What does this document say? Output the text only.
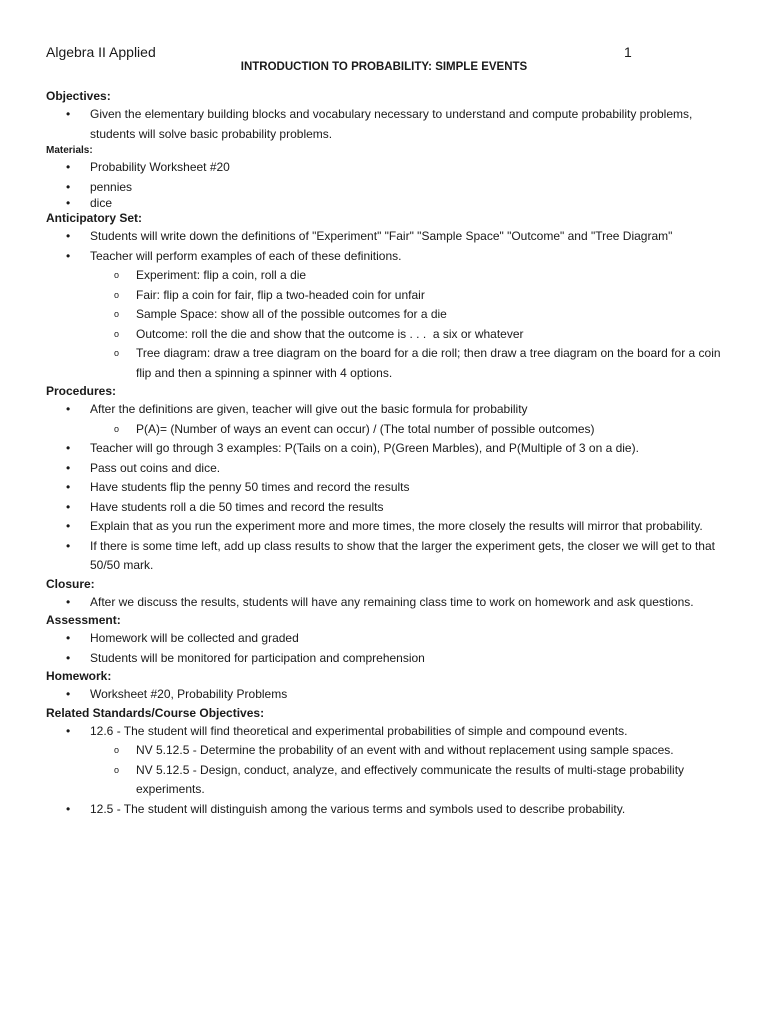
Algebra II Applied	1
INTRODUCTION TO PROBABILITY: SIMPLE EVENTS
Objectives:
• Given the elementary building blocks and vocabulary necessary to understand and compute probability problems, students will solve basic probability problems.
Materials:
• Probability Worksheet #20
• pennies
• dice
Anticipatory Set:
• Students will write down the definitions of "Experiment" "Fair" "Sample Space" "Outcome" and "Tree Diagram"
• Teacher will perform examples of each of these definitions.
o Experiment: flip a coin, roll a die
o Fair: flip a coin for fair, flip a two-headed coin for unfair
o Sample Space: show all of the possible outcomes for a die
o Outcome: roll the die and show that the outcome is . . .  a six or whatever
o Tree diagram: draw a tree diagram on the board for a die roll; then draw a tree diagram on the board for a coin flip and then a spinning a spinner with 4 options.
Procedures:
• After the definitions are given, teacher will give out the basic formula for probability
o P(A)= (Number of ways an event can occur) / (The total number of possible outcomes)
• Teacher will go through 3 examples: P(Tails on a coin), P(Green Marbles), and P(Multiple of 3 on a die).
• Pass out coins and dice.
• Have students flip the penny 50 times and record the results
• Have students roll a die 50 times and record the results
• Explain that as you run the experiment more and more times, the more closely the results will mirror that probability.
• If there is some time left, add up class results to show that the larger the experiment gets, the closer we will get to that 50/50 mark.
Closure:
• After we discuss the results, students will have any remaining class time to work on homework and ask questions.
Assessment:
• Homework will be collected and graded
• Students will be monitored for participation and comprehension
Homework:
• Worksheet #20, Probability Problems
Related Standards/Course Objectives:
• 12.6 - The student will find theoretical and experimental probabilities of simple and compound events.
o NV 5.12.5 - Determine the probability of an event with and without replacement using sample spaces.
o NV 5.12.5 - Design, conduct, analyze, and effectively communicate the results of multi-stage probability experiments.
• 12.5 - The student will distinguish among the various terms and symbols used to describe probability.
